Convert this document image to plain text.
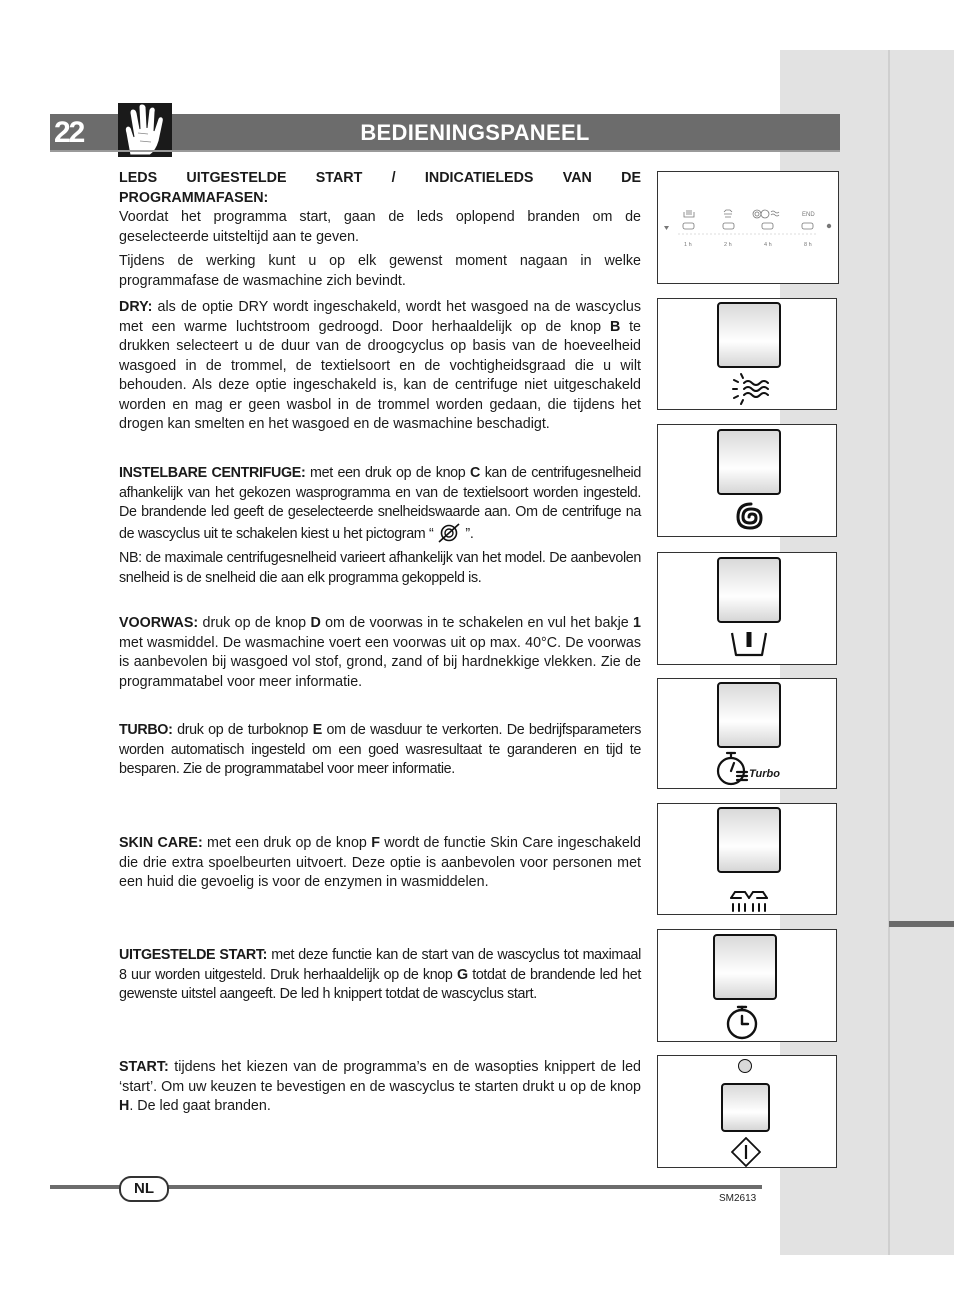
22	BEDIENINGSPANEEL

LEDS UITGESTELDE START / INDICATIELEDS VAN DE PROGRAMMAFASEN:

Voordat het programma start, gaan de leds oplopend branden om de geselecteerde uitsteltijd aan te geven.

Tijdens de werking kunt u op elk gewenst moment nagaan in welke programmafase de wasmachine zich bevindt.

DRY: als de optie DRY wordt ingeschakeld, wordt het wasgoed na de wascyclus met een warme luchtstroom gedroogd. Door herhaaldelijk op de knop B te drukken selecteert u de duur van de droogcyclus op basis van de hoeveelheid wasgoed in de trommel, de textielsoort en de vochtigheidsgraad die u wilt behouden. Als deze optie ingeschakeld is, kan de centrifuge niet uitgeschakeld worden en mag er geen wasbol in de trommel worden gedaan, die tijdens het drogen kan smelten en het wasgoed en de wasmachine beschadigt.

INSTELBARE CENTRIFUGE: met een druk op de knop C kan de centrifugesnelheid afhankelijk van het gekozen wasprogramma en van de textielsoort worden ingesteld. De brandende led geeft de geselecteerde snelheidswaarde aan. Om de centrifuge na de wascyclus uit te schakelen kiest u het pictogram “ ”.

NB: de maximale centrifugesnelheid varieert afhankelijk van het model. De aanbevolen snelheid is de snelheid die aan elk programma gekoppeld is.

VOORWAS: druk op de knop D om de voorwas in te schakelen en vul het bakje 1 met wasmiddel. De wasmachine voert een voorwas uit op max. 40°C. De voorwas is aanbevolen bij wasgoed vol stof, grond, zand of bij hardnekkige vlekken. Zie de programmatabel voor meer informatie.

TURBO: druk op de turboknop E om de wasduur te verkorten. De bedrijfsparameters worden automatisch ingesteld om een goed wasresultaat te garanderen en tijd te besparen. Zie de programmatabel voor meer informatie.

SKIN CARE: met een druk op de knop F wordt de functie Skin Care ingeschakeld die drie extra spoelbeurten uitvoert. Deze optie is aanbevolen voor personen met een huid die gevoelig is voor de enzymen in wasmiddelen.

UITGESTELDE START: met deze functie kan de start van de wascyclus tot maximaal 8 uur worden uitgesteld. Druk herhaaldelijk op de knop G totdat de brandende led het gewenste uitstel aangeeft. De led h knippert totdat de wascyclus start.

START: tijdens het kiezen van de programma’s en de wasopties knippert de led ‘start’. Om uw keuzen te bevestigen en de wascyclus te starten drukt u op de knop H. De led gaat branden.

END
1 h	2 h	4 h	8 h
Turbo
NL
SM2613
